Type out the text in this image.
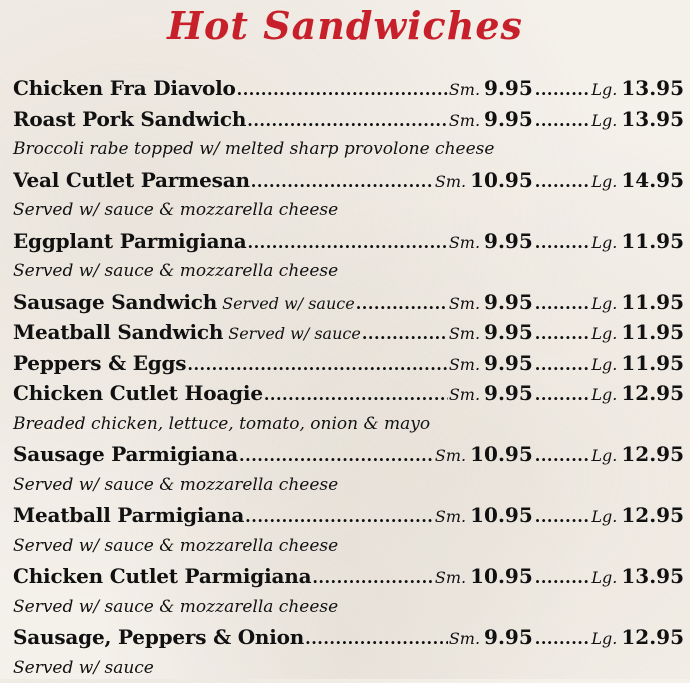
Hot Sandwiches
Chicken Fra Diavolo .....	Sm. 9.95 ......... Lg. 13.95
Roast Pork Sandwich .....	Sm. 9.95 ......... Lg. 13.95
Broccoli rabe topped w/ melted sharp provolone cheese
Veal Cutlet Parmesan .....	Sm. 10.95 ......... Lg. 14.95
Served w/ sauce & mozzarella cheese
Eggplant Parmigiana .....	Sm. 9.95 ......... Lg. 11.95
Served w/ sauce & mozzarella cheese
Sausage Sandwich Served w/ sauce .....	Sm. 9.95 ......... Lg. 11.95
Meatball Sandwich Served w/ sauce .....	Sm. 9.95 ......... Lg. 11.95
Peppers & Eggs .....	Sm. 9.95 ......... Lg. 11.95
Chicken Cutlet Hoagie .....	Sm. 9.95 ......... Lg. 12.95
Breaded chicken, lettuce, tomato, onion & mayo
Sausage Parmigiana .....	Sm. 10.95 ......... Lg. 12.95
Served w/ sauce & mozzarella cheese
Meatball Parmigiana .....	Sm. 10.95 ......... Lg. 12.95
Served w/ sauce & mozzarella cheese
Chicken Cutlet Parmigiana .....	Sm. 10.95 ......... Lg. 13.95
Served w/ sauce & mozzarella cheese
Sausage, Peppers & Onion .....	Sm. 9.95 ......... Lg. 12.95
Served w/ sauce
